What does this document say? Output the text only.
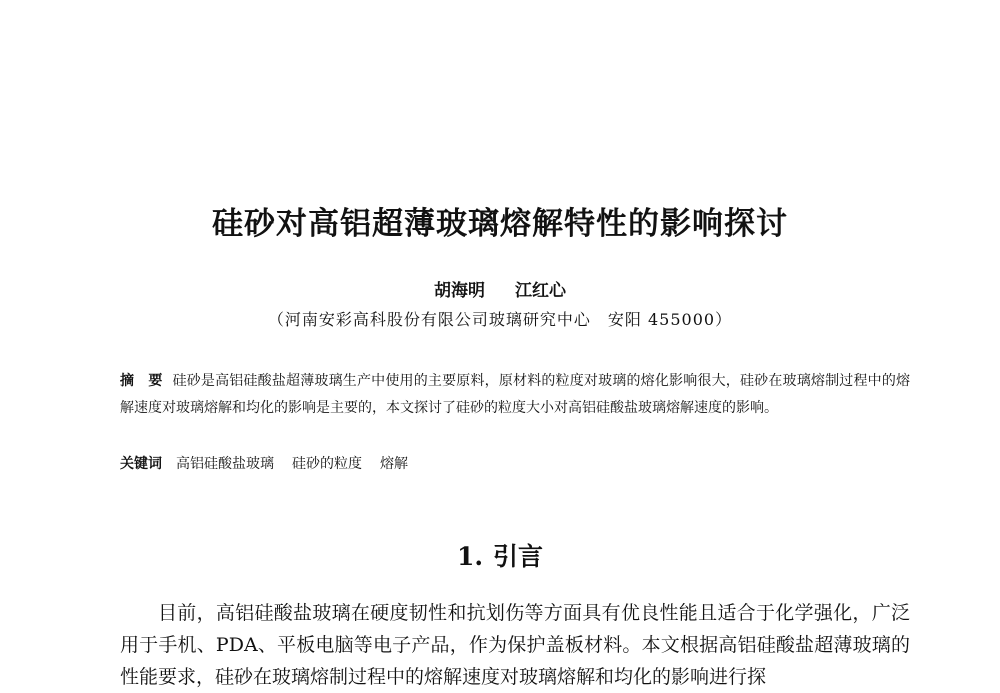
硅砂对高铝超薄玻璃熔解特性的影响探讨
胡海明 江红心
（河南安彩高科股份有限公司玻璃研究中心　安阳 455000）
摘　要 硅砂是高铝硅酸盐超薄玻璃生产中使用的主要原料，原材料的粒度对玻璃的熔化影响很大，硅砂在玻璃熔制过程中的熔解速度对玻璃熔解和均化的影响是主要的，本文探讨了硅砂的粒度大小对高铝硅酸盐玻璃熔解速度的影响。
关键词 高铝硅酸盐玻璃 硅砂的粒度 熔解
1. 引言
目前，高铝硅酸盐玻璃在硬度韧性和抗划伤等方面具有优良性能且适合于化学强化，广泛用于手机、PDA、平板电脑等电子产品，作为保护盖板材料。本文根据高铝硅酸盐超薄玻璃的性能要求，硅砂在玻璃熔制过程中的熔解速度对玻璃熔解和均化的影响进行探
